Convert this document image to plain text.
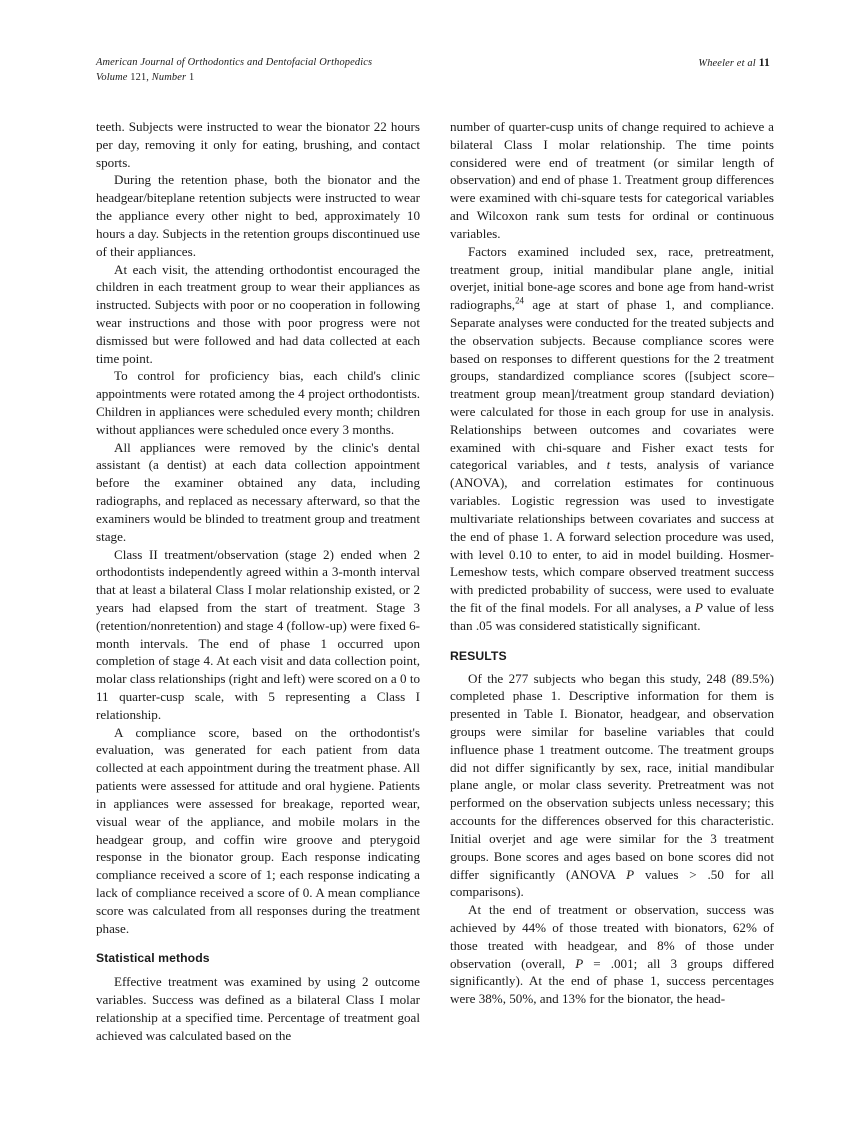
American Journal of Orthodontics and Dentofacial Orthopedics
Volume 121, Number 1
Wheeler et al 11

teeth. Subjects were instructed to wear the bionator 22 hours per day, removing it only for eating, brushing, and contact sports.

During the retention phase, both the bionator and the headgear/biteplane retention subjects were instructed to wear the appliance every other night to bed, approximately 10 hours a day. Subjects in the retention groups discontinued use of their appliances.

At each visit, the attending orthodontist encouraged the children in each treatment group to wear their appliances as instructed. Subjects with poor or no cooperation in following wear instructions and those with poor progress were not dismissed but were followed and had data collected at each time point.

To control for proficiency bias, each child's clinic appointments were rotated among the 4 project orthodontists. Children in appliances were scheduled every month; children without appliances were scheduled once every 3 months.

All appliances were removed by the clinic's dental assistant (a dentist) at each data collection appointment before the examiner obtained any data, including radiographs, and replaced as necessary afterward, so that the examiners would be blinded to treatment group and treatment stage.

Class II treatment/observation (stage 2) ended when 2 orthodontists independently agreed within a 3-month interval that at least a bilateral Class I molar relationship existed, or 2 years had elapsed from the start of treatment. Stage 3 (retention/nonretention) and stage 4 (follow-up) were fixed 6-month intervals. The end of phase 1 occurred upon completion of stage 4. At each visit and data collection point, molar class relationships (right and left) were scored on a 0 to 11 quarter-cusp scale, with 5 representing a Class I relationship.

A compliance score, based on the orthodontist's evaluation, was generated for each patient from data collected at each appointment during the treatment phase. All patients were assessed for attitude and oral hygiene. Patients in appliances were assessed for breakage, reported wear, visual wear of the appliance, and mobile molars in the headgear group, and coffin wire groove and pterygoid response in the bionator group. Each response indicating compliance received a score of 1; each response indicating a lack of compliance received a score of 0. A mean compliance score was calculated from all responses during the treatment phase.

Statistical methods

Effective treatment was examined by using 2 outcome variables. Success was defined as a bilateral Class I molar relationship at a specified time. Percentage of treatment goal achieved was calculated based on the

number of quarter-cusp units of change required to achieve a bilateral Class I molar relationship. The time points considered were end of treatment (or similar length of observation) and end of phase 1. Treatment group differences were examined with chi-square tests for categorical variables and Wilcoxon rank sum tests for ordinal or continuous variables.

Factors examined included sex, race, pretreatment, treatment group, initial mandibular plane angle, initial overjet, initial bone-age scores and bone age from hand-wrist radiographs,$^{24}$ age at start of phase 1, and compliance. Separate analyses were conducted for the treated subjects and the observation subjects. Because compliance scores were based on responses to different questions for the 2 treatment groups, standardized compliance scores ([subject score–treatment group mean]/treatment group standard deviation) were calculated for those in each group for use in analysis. Relationships between outcomes and covariates were examined with chi-square and Fisher exact tests for categorical variables, and t tests, analysis of variance (ANOVA), and correlation estimates for continuous variables. Logistic regression was used to investigate multivariate relationships between covariates and success at the end of phase 1. A forward selection procedure was used, with level 0.10 to enter, to aid in model building. Hosmer-Lemeshow tests, which compare observed treatment success with predicted probability of success, were used to evaluate the fit of the final models. For all analyses, a P value of less than .05 was considered statistically significant.

RESULTS

Of the 277 subjects who began this study, 248 (89.5%) completed phase 1. Descriptive information for them is presented in Table I. Bionator, headgear, and observation groups were similar for baseline variables that could influence phase 1 treatment outcome. The treatment groups did not differ significantly by sex, race, initial mandibular plane angle, or molar class severity. Pretreatment was not performed on the observation subjects unless necessary; this accounts for the differences observed for this characteristic. Initial overjet and age were similar for the 3 treatment groups. Bone scores and ages based on bone scores did not differ significantly (ANOVA P values > .50 for all comparisons).

At the end of treatment or observation, success was achieved by 44% of those treated with bionators, 62% of those treated with headgear, and 8% of those under observation (overall, P = .001; all 3 groups differed significantly). At the end of phase 1, success percentages were 38%, 50%, and 13% for the bionator, the head-
